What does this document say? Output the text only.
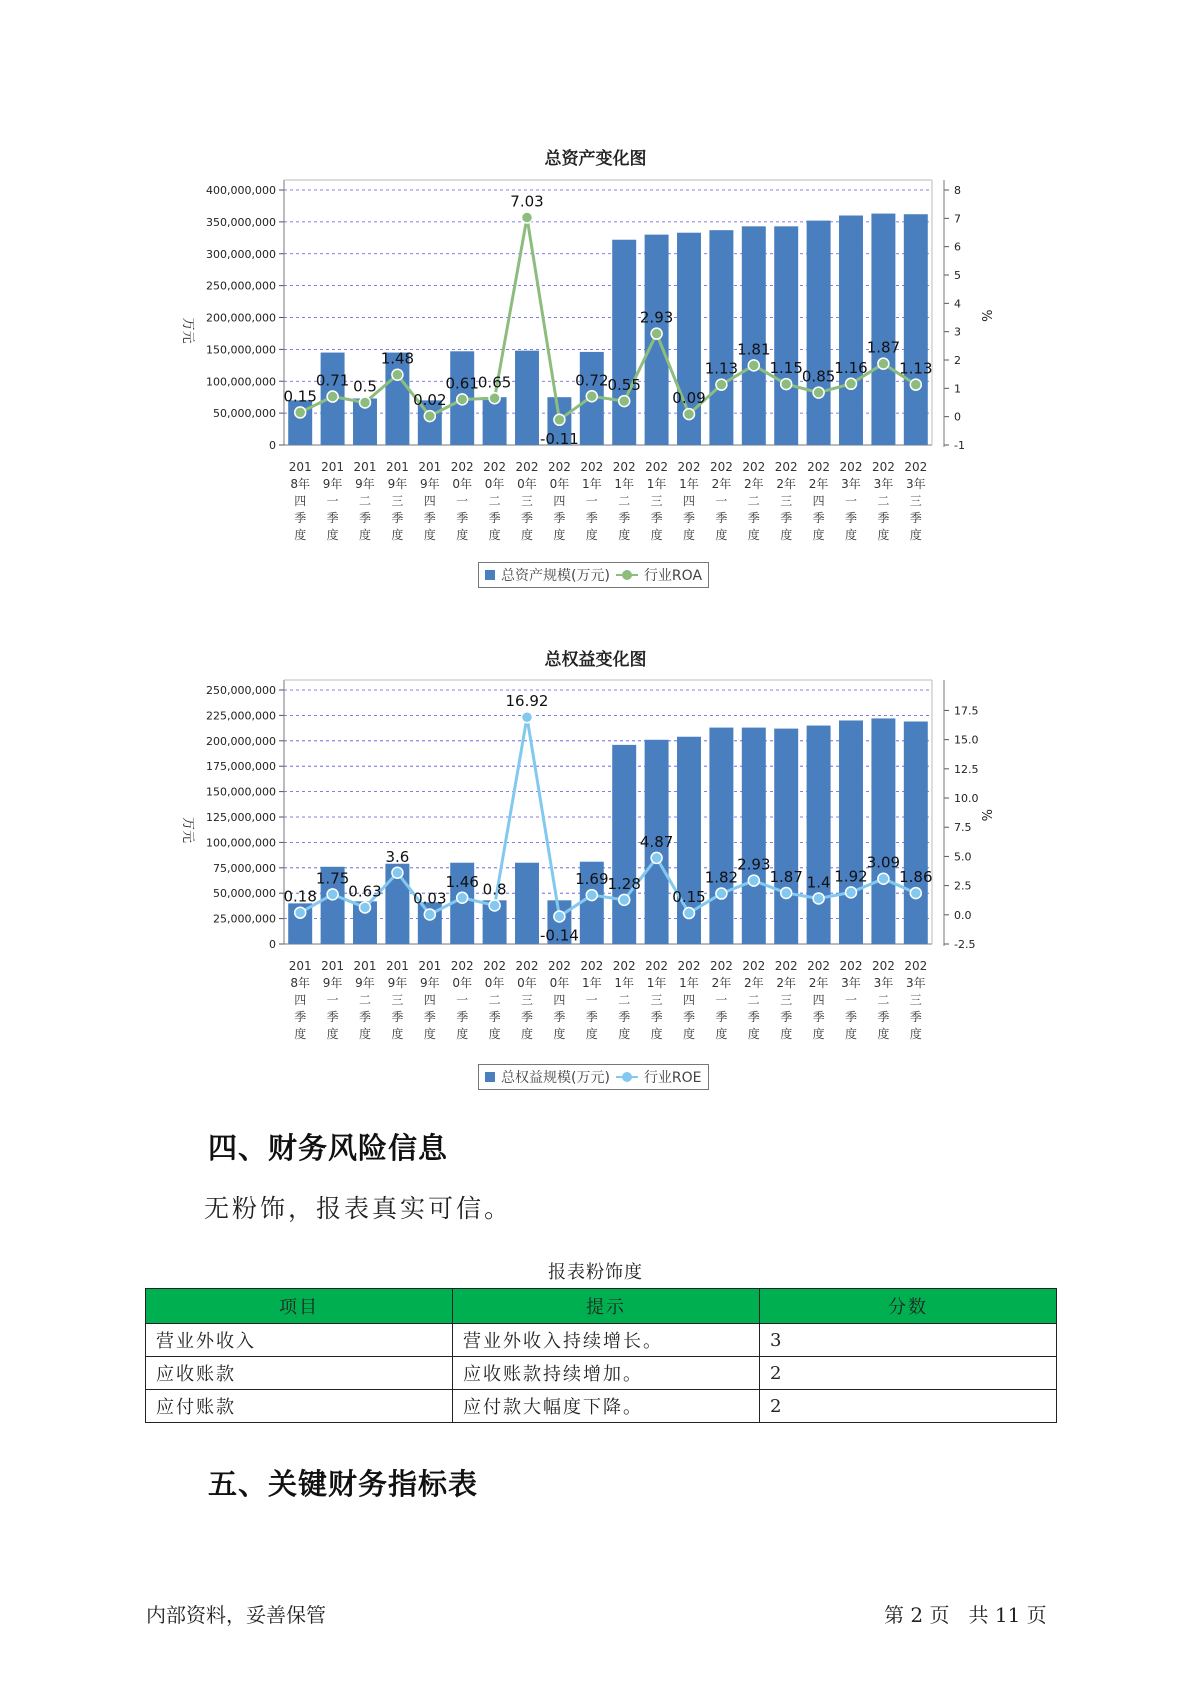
总资产变化图
0
50,000,000
100,000,000
150,000,000
200,000,000
250,000,000
300,000,000
350,000,000
400,000,000
-1
0
1
2
3
4
5
6
7
8
万元
%
201 8年四季度
201 9年一季度
201 9年二季度
201 9年三季度
201 9年四季度
202 0年一季度
202 0年二季度
202 0年三季度
202 0年四季度
202 1年一季度
202 1年二季度
202 1年三季度
202 1年四季度
202 2年一季度
202 2年二季度
202 2年三季度
202 2年四季度
202 3年一季度
202 3年二季度
202 3年三季度
0.15
0.71 0.5
1.48
0.02
0.61
0.65
7.03
-0.11
0.72
0.55
2.93
0.09
1.13
1.81
1.15
0.85
1.16
1.87
1.13
总资产规模(万元) 行业ROA
总权益变化图
0
25,000,000
50,000,000
75,000,000
100,000,000
125,000,000
150,000,000
175,000,000
200,000,000
225,000,000
250,000,000
-2.5
0.0
2.5
5.0
7.5
10.0
12.5
15.0
17.5
万元
%
201 8年四季度
201 9年一季度
201 9年二季度
201 9年三季度
201 9年四季度
202 0年一季度
202 0年二季度
202 0年三季度
202 0年四季度
202 1年一季度
202 1年二季度
202 1年三季度
202 1年四季度
202 2年一季度
202 2年二季度
202 2年三季度
202 2年四季度
202 3年一季度
202 3年二季度
202 3年三季度
0.18
1.75
0.63
3.6
0.03
1.46 0.8
16.92
-0.14
1.69
1.28
4.87
0.15
1.82
2.93
1.87 1.4 1.92
3.09
1.86
总权益规模(万元) 行业ROE
四、财务风险信息
无粉饰，报表真实可信。
报表粉饰度
项目	提示	分数
营业外收入	营业外收入持续增长。	3
应收账款	应收账款持续增加。	2
应付账款	应付款大幅度下降。	2
五、关键财务指标表
内部资料，妥善保管	第 2 页   共 11 页
